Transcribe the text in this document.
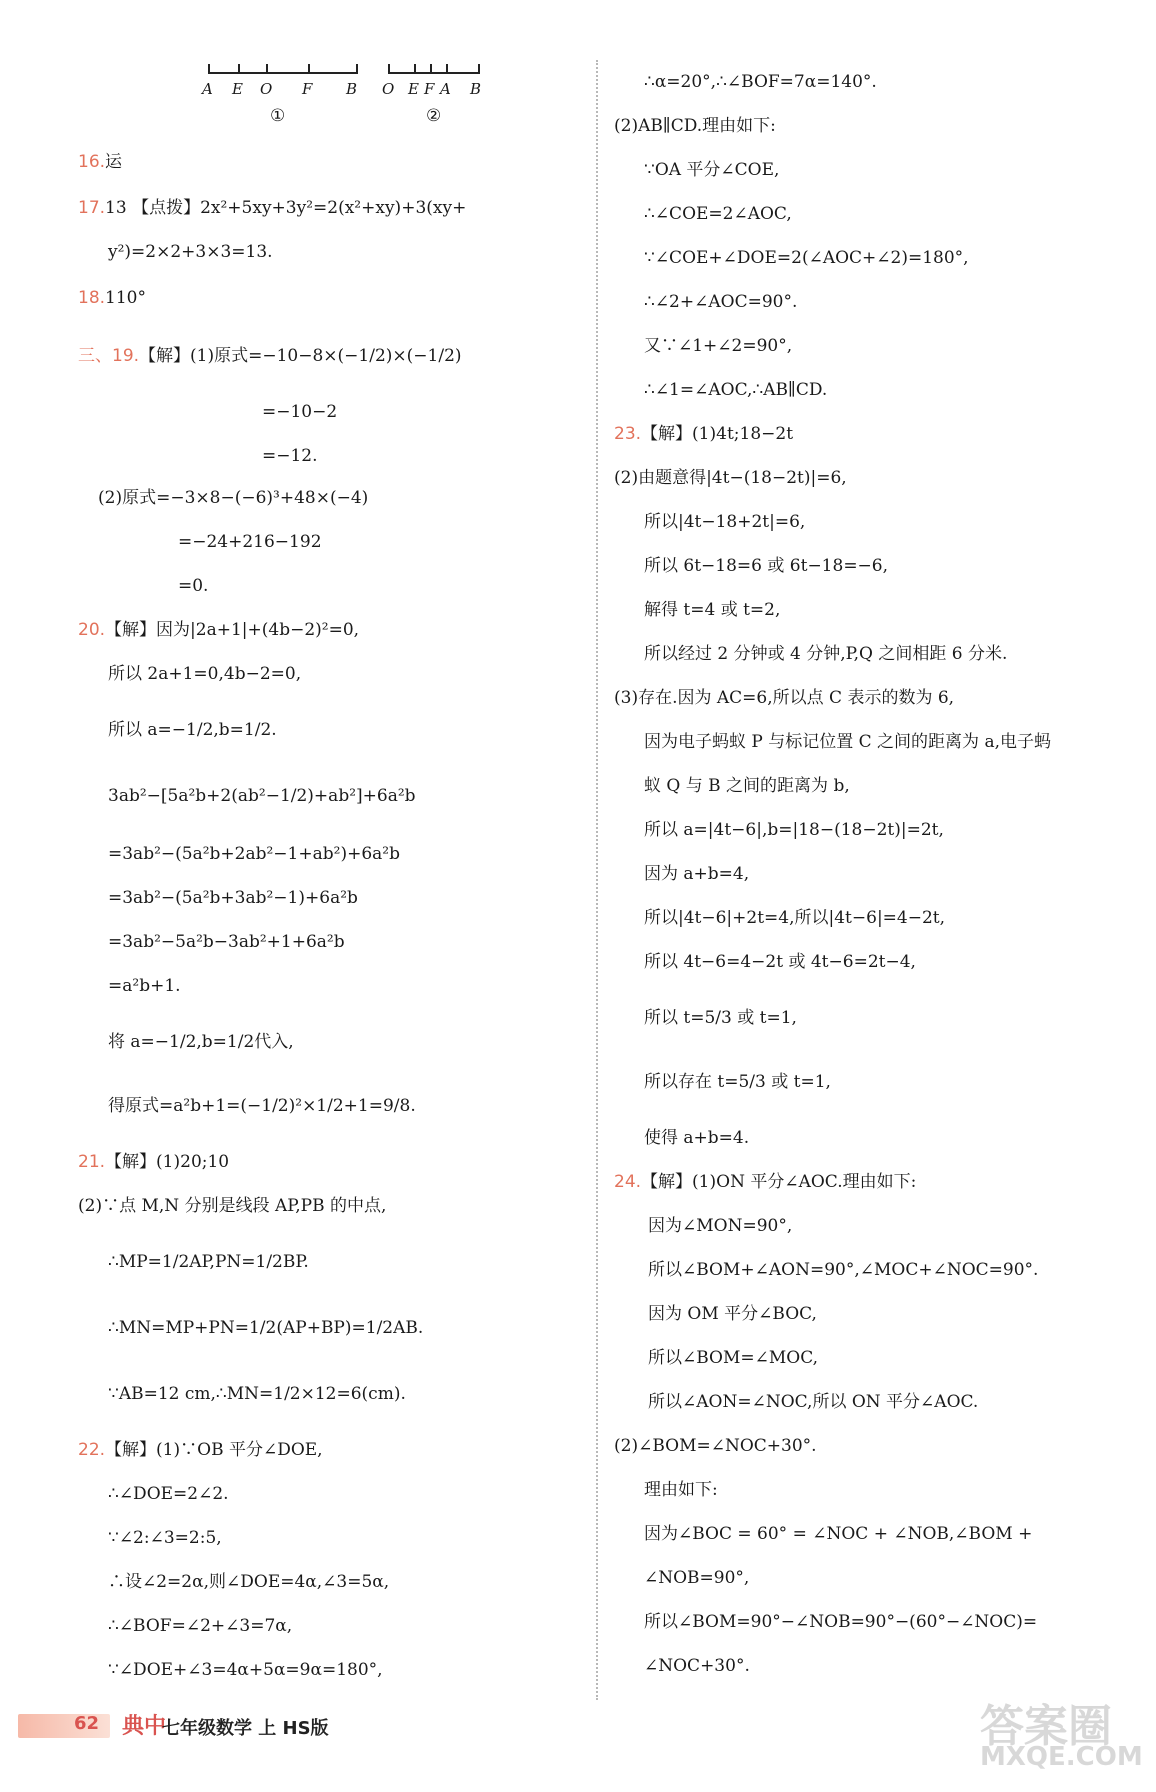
A E O F B
①
O E F A B
②
16.运
17.13 【点拨】2x²+5xy+3y²=2(x²+xy)+3(xy+
y²)=2×2+3×3=13.
18.110°
三、19.【解】(1)原式=−10−8×(−1/2)×(−1/2)
=−10−2
=−12.
(2)原式=−3×8−(−6)³+48×(−4)
=−24+216−192
=0.
20.【解】因为|2a+1|+(4b−2)²=0,
所以 2a+1=0,4b−2=0,
所以 a=−1/2,b=1/2.
3ab²−[5a²b+2(ab²−1/2)+ab²]+6a²b
=3ab²−(5a²b+2ab²−1+ab²)+6a²b
=3ab²−(5a²b+3ab²−1)+6a²b
=3ab²−5a²b−3ab²+1+6a²b
=a²b+1.
将 a=−1/2,b=1/2代入,
得原式=a²b+1=(−1/2)²×1/2+1=9/8.
21.【解】(1)20;10
(2)∵点 M,N 分别是线段 AP,PB 的中点,
∴MP=1/2AP,PN=1/2BP.
∴MN=MP+PN=1/2(AP+BP)=1/2AB.
∵AB=12 cm,∴MN=1/2×12=6(cm).
22.【解】(1)∵OB 平分∠DOE,
∴∠DOE=2∠2.
∵∠2:∠3=2:5,
∴设∠2=2α,则∠DOE=4α,∠3=5α,
∴∠BOF=∠2+∠3=7α,
∵∠DOE+∠3=4α+5α=9α=180°,
∴α=20°,∴∠BOF=7α=140°.
(2)AB∥CD.理由如下:
∵OA 平分∠COE,
∴∠COE=2∠AOC,
∵∠COE+∠DOE=2(∠AOC+∠2)=180°,
∴∠2+∠AOC=90°.
又∵∠1+∠2=90°,
∴∠1=∠AOC,∴AB∥CD.
23.【解】(1)4t;18−2t
(2)由题意得|4t−(18−2t)|=6,
所以|4t−18+2t|=6,
所以 6t−18=6 或 6t−18=−6,
解得 t=4 或 t=2,
所以经过 2 分钟或 4 分钟,P,Q 之间相距 6 分米.
(3)存在.因为 AC=6,所以点 C 表示的数为 6,
因为电子蚂蚁 P 与标记位置 C 之间的距离为 a,电子蚂
蚁 Q 与 B 之间的距离为 b,
所以 a=|4t−6|,b=|18−(18−2t)|=2t,
因为 a+b=4,
所以|4t−6|+2t=4,所以|4t−6|=4−2t,
所以 4t−6=4−2t 或 4t−6=2t−4,
所以 t=5/3 或 t=1,
所以存在 t=5/3 或 t=1,
使得 a+b=4.
24.【解】(1)ON 平分∠AOC.理由如下:
因为∠MON=90°,
所以∠BOM+∠AON=90°,∠MOC+∠NOC=90°.
因为 OM 平分∠BOC,
所以∠BOM=∠MOC,
所以∠AON=∠NOC,所以 ON 平分∠AOC.
(2)∠BOM=∠NOC+30°.
理由如下:
因为∠BOC = 60° = ∠NOC + ∠NOB,∠BOM +
∠NOB=90°,
所以∠BOM=90°−∠NOB=90°−(60°−∠NOC)=
∠NOC+30°.
62 典中
七年级数学 上 HS版	答案圈
MXQE.COM
